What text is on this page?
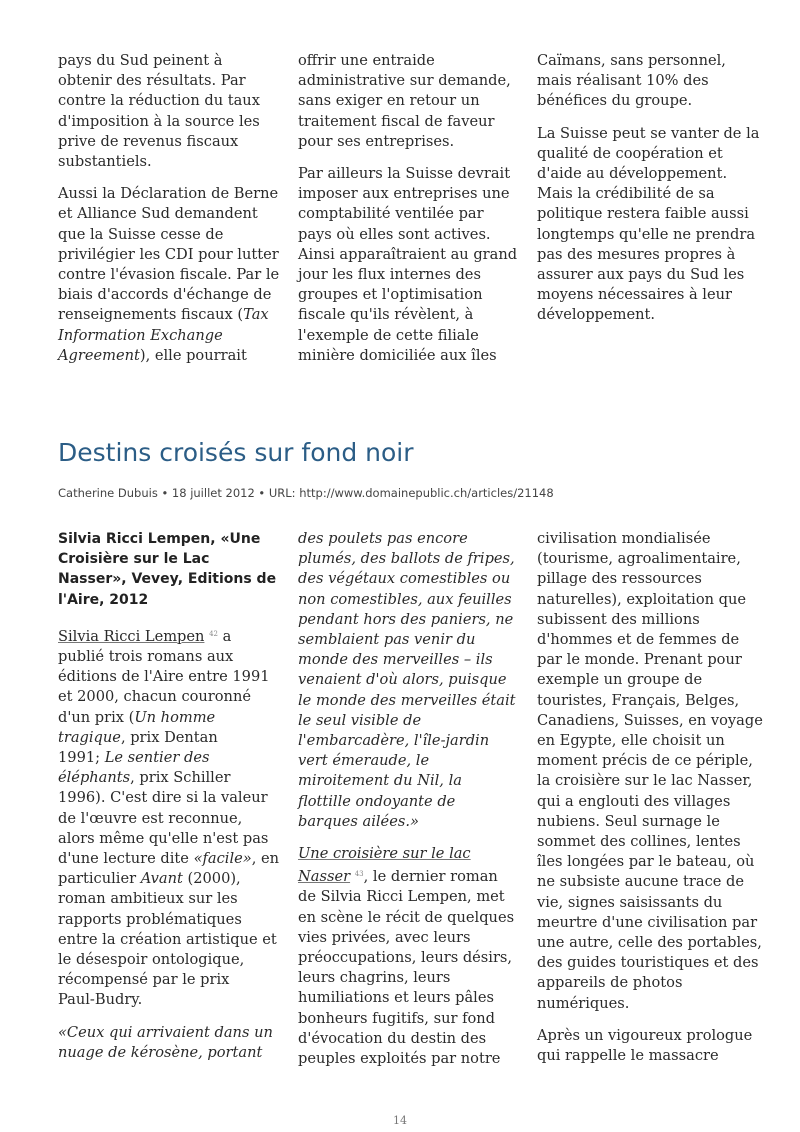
pays du Sud peinent à
obtenir des résultats. Par
contre la réduction du taux
d'imposition à la source les
prive de revenus fiscaux
substantiels.

Aussi la Déclaration de Berne
et Alliance Sud demandent
que la Suisse cesse de
privilégier les CDI pour lutter
contre l'évasion fiscale. Par le
biais d'accords d'échange de
renseignements fiscaux (Tax
Information Exchange
Agreement), elle pourrait

offrir une entraide
administrative sur demande,
sans exiger en retour un
traitement fiscal de faveur
pour ses entreprises.

Par ailleurs la Suisse devrait
imposer aux entreprises une
comptabilité ventilée par
pays où elles sont actives.
Ainsi apparaîtraient au grand
jour les flux internes des
groupes et l'optimisation
fiscale qu'ils révèlent, à
l'exemple de cette filiale
minière domiciliée aux îles

Caïmans, sans personnel,
mais réalisant 10% des
bénéfices du groupe.

La Suisse peut se vanter de la
qualité de coopération et
d'aide au développement.
Mais la crédibilité de sa
politique restera faible aussi
longtemps qu'elle ne prendra
pas des mesures propres à
assurer aux pays du Sud les
moyens nécessaires à leur
développement.

Destins croisés sur fond noir

Catherine Dubuis • 18 juillet 2012 • URL: http://www.domainepublic.ch/articles/21148

Silvia Ricci Lempen, «Une
Croisière sur le Lac
Nasser», Vevey, Editions de
l'Aire, 2012

Silvia Ricci Lempen $^{42}$ a
publié trois romans aux
éditions de l'Aire entre 1991
et 2000, chacun couronné
d'un prix (Un homme
tragique, prix Dentan
1991; Le sentier des
éléphants, prix Schiller
1996). C'est dire si la valeur
de l'œuvre est reconnue,
alors même qu'elle n'est pas
d'une lecture dite «facile», en
particulier Avant (2000),
roman ambitieux sur les
rapports problématiques
entre la création artistique et
le désespoir ontologique,
récompensé par le prix
Paul-Budry.

«Ceux qui arrivaient dans un
nuage de kérosène, portant

des poulets pas encore
plumés, des ballots de fripes,
des végétaux comestibles ou
non comestibles, aux feuilles
pendant hors des paniers, ne
semblaient pas venir du
monde des merveilles – ils
venaient d'où alors, puisque
le monde des merveilles était
le seul visible de
l'embarcadère, l'île-jardin
vert émeraude, le
miroitement du Nil, la
flottille ondoyante de
barques ailées.»

Une croisière sur le lac
Nasser $^{43}$, le dernier roman
de Silvia Ricci Lempen, met
en scène le récit de quelques
vies privées, avec leurs
préoccupations, leurs désirs,
leurs chagrins, leurs
humiliations et leurs pâles
bonheurs fugitifs, sur fond
d'évocation du destin des
peuples exploités par notre

civilisation mondialisée
(tourisme, agroalimentaire,
pillage des ressources
naturelles), exploitation que
subissent des millions
d'hommes et de femmes de
par le monde. Prenant pour
exemple un groupe de
touristes, Français, Belges,
Canadiens, Suisses, en voyage
en Egypte, elle choisit un
moment précis de ce périple,
la croisière sur le lac Nasser,
qui a englouti des villages
nubiens. Seul surnage le
sommet des collines, lentes
îles longées par le bateau, où
ne subsiste aucune trace de
vie, signes saisissants du
meurtre d'une civilisation par
une autre, celle des portables,
des guides touristiques et des
appareils de photos
numériques.

Après un vigoureux prologue
qui rappelle le massacre

14
